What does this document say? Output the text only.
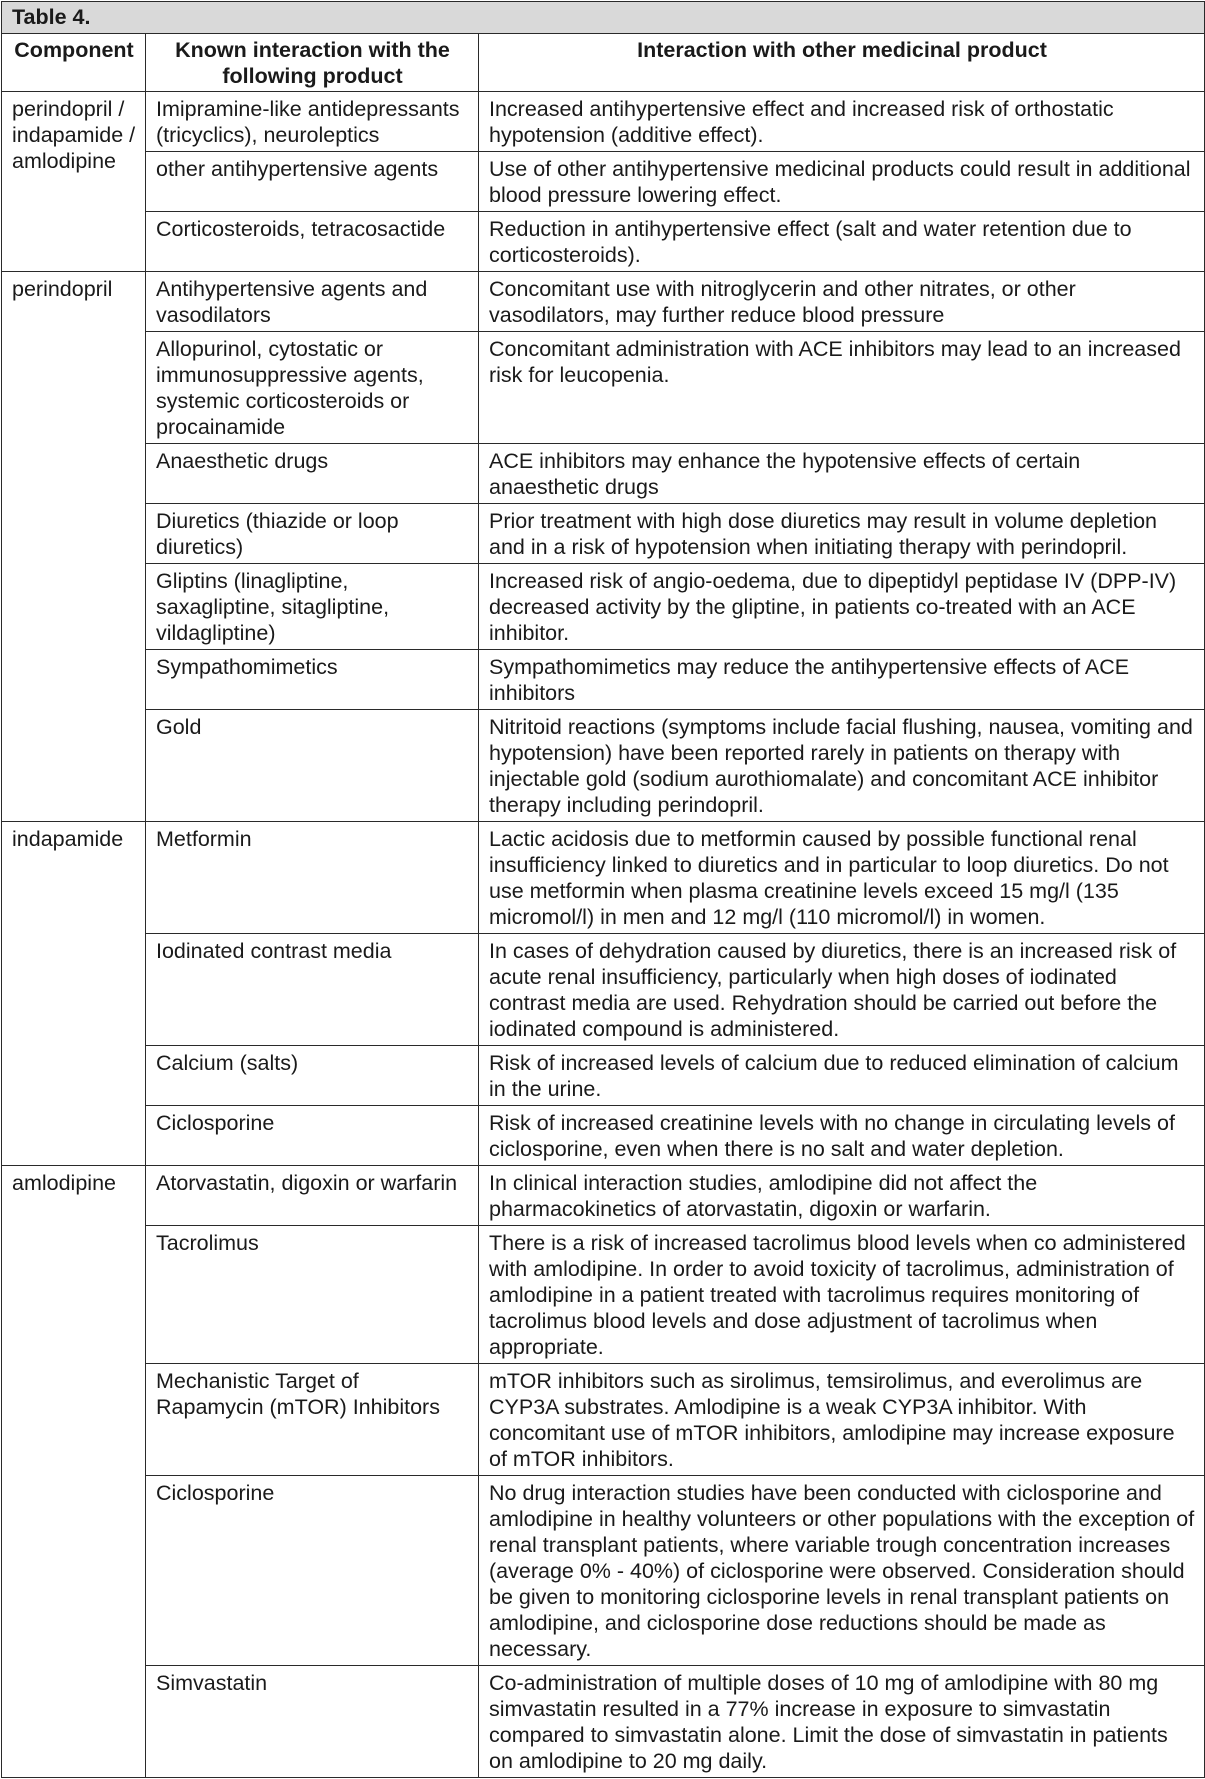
Table 4.		
Component	Known interaction with the following product	Interaction with other medicinal product
perindopril / indapamide / amlodipine	Imipramine-like antidepressants (tricyclics), neuroleptics	Increased antihypertensive effect and increased risk of orthostatic hypotension (additive effect).
	other antihypertensive agents	Use of other antihypertensive medicinal products could result in additional blood pressure lowering effect.
	Corticosteroids, tetracosactide	Reduction in antihypertensive effect (salt and water retention due to corticosteroids).
perindopril	Antihypertensive agents and vasodilators	Concomitant use with nitroglycerin and other nitrates, or other vasodilators, may further reduce blood pressure
	Allopurinol, cytostatic or immunosuppressive agents, systemic corticosteroids or procainamide	Concomitant administration with ACE inhibitors may lead to an increased risk for leucopenia.
	Anaesthetic drugs	ACE inhibitors may enhance the hypotensive effects of certain anaesthetic drugs
	Diuretics (thiazide or loop diuretics)	Prior treatment with high dose diuretics may result in volume depletion and in a risk of hypotension when initiating therapy with perindopril.
	Gliptins (linagliptine, saxagliptine, sitagliptine, vildagliptine)	Increased risk of angio-oedema, due to dipeptidyl peptidase IV (DPP-IV) decreased activity by the gliptine, in patients co-treated with an ACE inhibitor.
	Sympathomimetics	Sympathomimetics may reduce the antihypertensive effects of ACE inhibitors
	Gold	Nitritoid reactions (symptoms include facial flushing, nausea, vomiting and hypotension) have been reported rarely in patients on therapy with injectable gold (sodium aurothiomalate) and concomitant ACE inhibitor therapy including perindopril.
indapamide	Metformin	Lactic acidosis due to metformin caused by possible functional renal insufficiency linked to diuretics and in particular to loop diuretics. Do not use metformin when plasma creatinine levels exceed 15 mg/l (135 micromol/l) in men and 12 mg/l (110 micromol/l) in women.
	Iodinated contrast media	In cases of dehydration caused by diuretics, there is an increased risk of acute renal insufficiency, particularly when high doses of iodinated contrast media are used. Rehydration should be carried out before the iodinated compound is administered.
	Calcium (salts)	Risk of increased levels of calcium due to reduced elimination of calcium in the urine.
	Ciclosporine	Risk of increased creatinine levels with no change in circulating levels of ciclosporine, even when there is no salt and water depletion.
amlodipine	Atorvastatin, digoxin or warfarin	In clinical interaction studies, amlodipine did not affect the pharmacokinetics of atorvastatin, digoxin or warfarin.
	Tacrolimus	There is a risk of increased tacrolimus blood levels when co administered with amlodipine. In order to avoid toxicity of tacrolimus, administration of amlodipine in a patient treated with tacrolimus requires monitoring of tacrolimus blood levels and dose adjustment of tacrolimus when appropriate.
	Mechanistic Target of Rapamycin (mTOR) Inhibitors	mTOR inhibitors such as sirolimus, temsirolimus, and everolimus are CYP3A substrates. Amlodipine is a weak CYP3A inhibitor. With concomitant use of mTOR inhibitors, amlodipine may increase exposure of mTOR inhibitors.
	Ciclosporine	No drug interaction studies have been conducted with ciclosporine and amlodipine in healthy volunteers or other populations with the exception of renal transplant patients, where variable trough concentration increases (average 0% - 40%) of ciclosporine were observed. Consideration should be given to monitoring ciclosporine levels in renal transplant patients on amlodipine, and ciclosporine dose reductions should be made as necessary.
	Simvastatin	Co-administration of multiple doses of 10 mg of amlodipine with 80 mg simvastatin resulted in a 77% increase in exposure to simvastatin compared to simvastatin alone. Limit the dose of simvastatin in patients on amlodipine to 20 mg daily.
